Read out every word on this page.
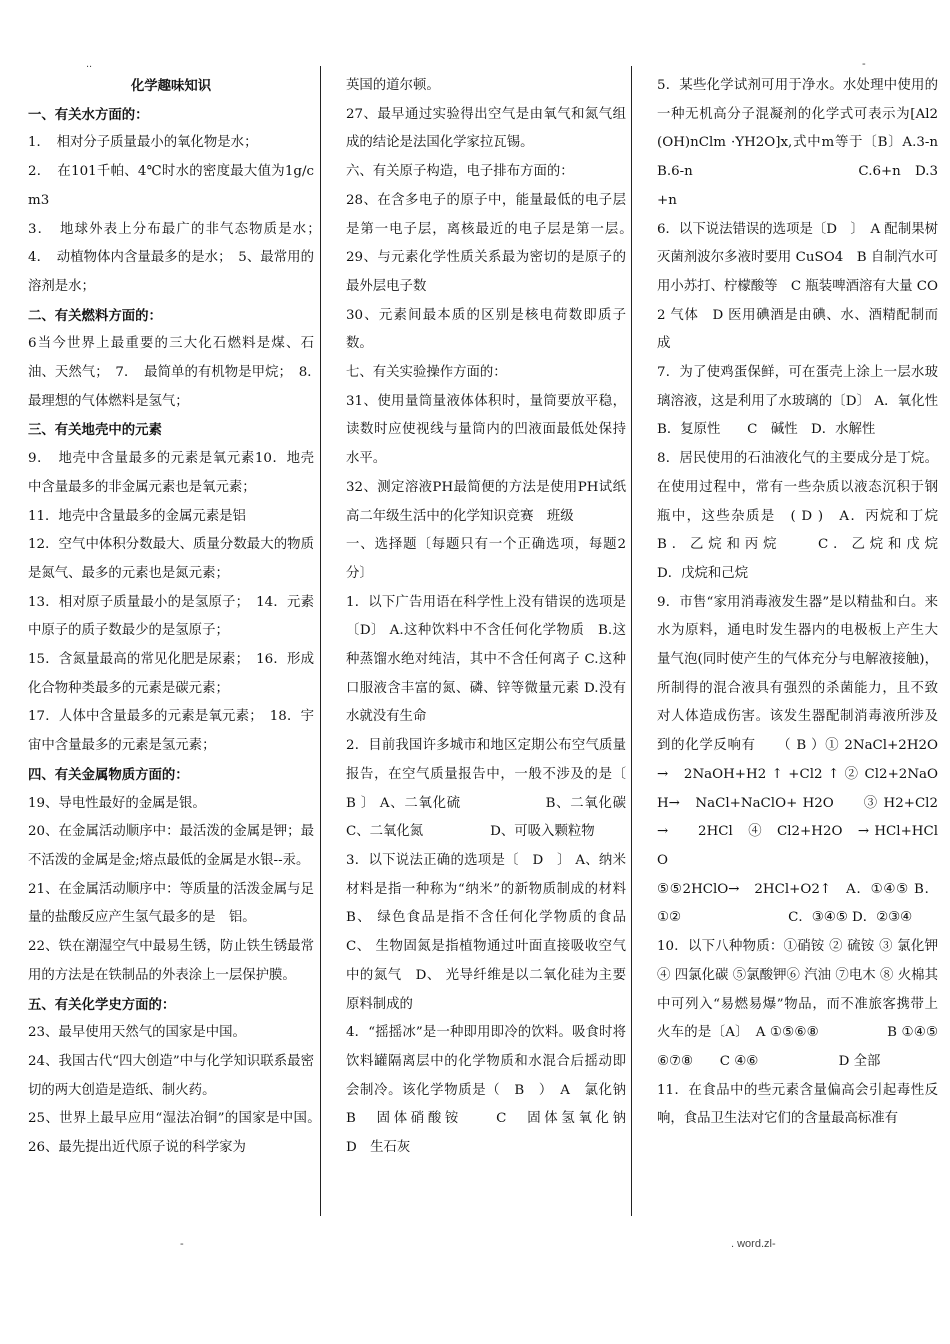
..	-

化学趣味知识

一、有关水方面的：

1．　相对分子质量最小的氧化物是水；

2．　在101千帕、4℃时水的密度最大值为1g/cm3

3．　地球外表上分布最广的非气态物质是水；　4．　动植物体内含量最多的是水；　5、最常用的溶剂是水；

二、有关燃料方面的：

6当今世界上最重要的三大化石燃料是煤、石油、天然气；　7．　最简单的有机物是甲烷；　8．　最理想的气体燃料是氢气；

三、有关地壳中的元素

9．　地壳中含量最多的元素是氧元素10．地壳中含量最多的非金属元素也是氧元素；

11．地壳中含量最多的金属元素是铝

12．空气中体积分数最大、质量分数最大的物质是氮气、最多的元素也是氮元素；

13．相对原子质量最小的是氢原子；　14．元素中原子的质子数最少的是氢原子；

15．含氮量最高的常见化肥是尿素；　16．形成化合物种类最多的元素是碳元素；

17．人体中含量最多的元素是氧元素；　18．宇宙中含量最多的元素是氢元素；

四、有关金属物质方面的：

19、导电性最好的金属是银。

20、在金属活动顺序中：最活泼的金属是钾；最不活泼的金属是金;熔点最低的金属是水银--汞。

21、在金属活动顺序中：等质量的活泼金属与足量的盐酸反应产生氢气最多的是　铝。

22、铁在潮湿空气中最易生锈，防止铁生锈最常用的方法是在铁制品的外表涂上一层保护膜。

五、有关化学史方面的：

23、最早使用天然气的国家是中国。

24、我国古代“四大创造”中与化学知识联系最密切的两大创造是造纸、制火药。

25、世界上最早应用“湿法冶铜”的国家是中国。　26、最先提出近代原子说的科学家为

英国的道尔顿。

27、最早通过实验得出空气是由氧气和氮气组成的结论是法国化学家拉瓦锡。

六、有关原子构造，电子排布方面的：

28、在含多电子的原子中，能量最低的电子层是第一电子层，离核最近的电子层是第一层。　29、与元素化学性质关系最为密切的是原子的最外层电子数

30、元素间最本质的区别是核电荷数即质子数。

七、有关实验操作方面的：

31、使用量筒量液体体积时，量筒要放平稳，读数时应使视线与量筒内的凹液面最低处保持水平。

32、测定溶液PH最简便的方法是使用PH试纸 高二年级生活中的化学知识竞赛　班级

一、选择题〔每题只有一个正确选项，每题2分〕

1．以下广告用语在科学性上没有错误的选项是〔D〕 A.这种饮料中不含任何化学物质　B.这种蒸馏水绝对纯洁，其中不含任何离子 C.这种口服液含丰富的氮、磷、锌等微量元素 D.没有水就没有生命

2．目前我国许多城市和地区定期公布空气质量报告，在空气质量报告中，一般不涉及的是〔 B 〕 A、二氧化硫　　　　　　B、二氧化碳　C、二氧化氮　　　　　D、可吸入颗粒物

3．以下说法正确的选项是〔　D　〕 A、纳米材料是指一种称为“纳米”的新物质制成的材料 B、 绿色食品是指不含任何化学物质的食品 C、 生物固氮是指植物通过叶面直接吸收空气中的氮气　D、 光导纤维是以二氧化硅为主要原料制成的

4．“摇摇冰”是一种即用即冷的饮料。吸食时将饮料罐隔离层中的化学物质和水混合后摇动即会制冷。该化学物质是（　B　）　A　氯化钠　　　　　　　B　固体硝酸铵　　C　固体氢氧化钠　　　　　　D　生石灰

5．某些化学试剂可用于净水。水处理中使用的一种无机高分子混凝剂的化学式可表示为[Al2(OH)nClm ·YH2O]x,式中m等于〔B〕A.3-n B.6-n　　　　　　　　　　　　C.6+n　D.3+n

6．以下说法错误的选项是〔D　〕　A 配制果树灭菌剂波尔多液时要用 CuSO4　B 自制汽水可用小苏打、柠檬酸等　C 瓶装啤酒溶有大量 CO2 气体　D 医用碘酒是由碘、水、酒精配制而成

7．为了使鸡蛋保鲜，可在蛋壳上涂上一层水玻璃溶液，这是利用了水玻璃的〔D〕 A．氧化性　　　　　B．复原性　　C　碱性　D．水解性

8．居民使用的石油液化气的主要成分是丁烷。在使用过程中，常有一些杂质以液态沉积于钢瓶中，这些杂质是　( D )　A．丙烷和丁烷　　　　B．乙烷和丙烷　　C．乙烷和戊烷　　　　D．戊烷和己烷

9．市售“家用消毒液发生器”是以精盐和白。来水为原料，通电时发生器内的电极板上产生大量气泡(同时使产生的气体充分与电解液接触)，所制得的混合液具有强烈的杀菌能力，且不致对人体造成伤害。该发生器配制消毒液所涉及到的化学反响有　　（ B ）① 2NaCl+2H2O　→　2NaOH+H2 ↑ +Cl2 ↑ ② Cl2+2NaOH→　NaCl+NaClO+ H2O　　③ H2+Cl2　→　　2HCl　④　Cl2+H2O　→ HCl+HClO

⑤⑤2HClO→　2HCl+O2↑　A．①④⑤ B．①②　　　　　　　　C．③④⑤ D．②③④

10．以下八种物质：①硝铵 ② 硫铵 ③ 氯化钾 ④ 四氯化碳 ⑤氯酸钾⑥ 汽油 ⑦电木 ⑧ 火棉其中可列入“易燃易爆”物品，而不准旅客携带上火车的是〔A〕　A ①⑤⑥⑧　　　　　B ①④⑤⑥⑦⑧　　C ④⑥　　　　　　D 全部

11．在食品中的些元素含量偏高会引起毒性反响，食品卫生法对它们的含量最高标准有

-	. word.zl-
